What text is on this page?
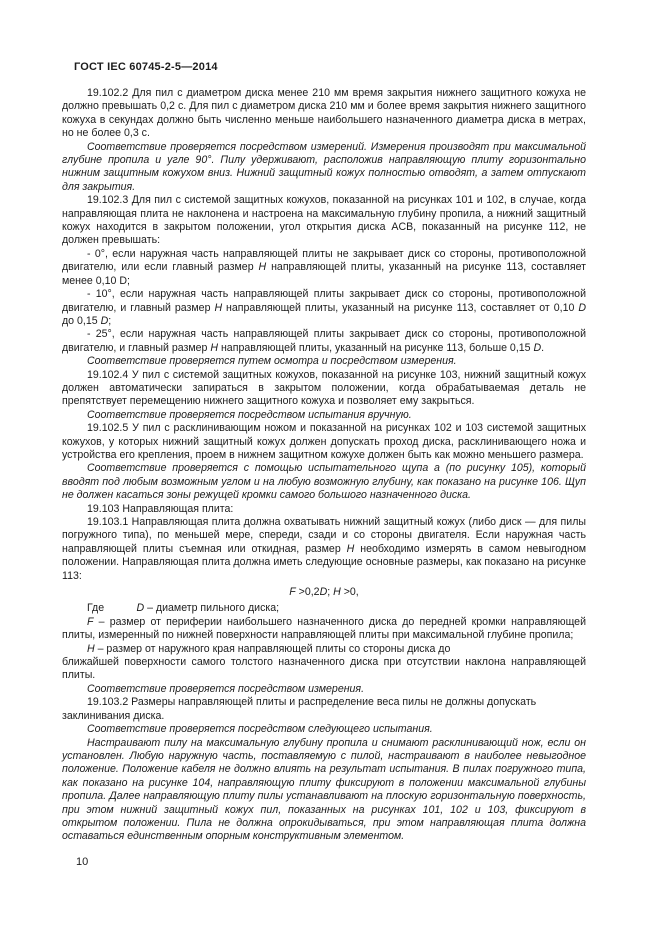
ГОСТ IEC 60745-2-5—2014

19.102.2 Для пил с диаметром диска менее 210 мм время закрытия нижнего защитного кожуха не должно превышать 0,2 с. Для пил с диаметром диска 210 мм и более время закрытия нижнего защитного кожуха в секундах должно быть численно меньше наибольшего назначенного диаметра диска в метрах, но не более 0,3 с.

Соответствие проверяется посредством измерений. Измерения производят при максимальной глубине пропила и угле 90°. Пилу удерживают, расположив направляющую плиту горизонтально нижним защитным кожухом вниз. Нижний защитный кожух полностью отводят, а затем отпускают для закрытия.

19.102.3 Для пил с системой защитных кожухов, показанной на рисунках 101 и 102, в случае, когда направляющая плита не наклонена и настроена на максимальную глубину пропила, а нижний защитный кожух находится в закрытом положении, угол открытия диска ACB, показанный на рисунке 112, не должен превышать:

- 0°, если наружная часть направляющей плиты не закрывает диск со стороны, противоположной двигателю, или если главный размер H направляющей плиты, указанный на рисунке 113, составляет менее 0,10 D;

- 10°, если наружная часть направляющей плиты закрывает диск со стороны, противоположной двигателю, и главный размер H направляющей плиты, указанный на рисунке 113, составляет от 0,10 D до 0,15 D;

- 25°, если наружная часть направляющей плиты закрывает диск со стороны, противоположной двигателю, и главный размер H направляющей плиты, указанный на рисунке 113, больше 0,15 D.

Соответствие проверяется путем осмотра и посредством измерения.

19.102.4 У пил с системой защитных кожухов, показанной на рисунке 103, нижний защитный кожух должен автоматически запираться в закрытом положении, когда обрабатываемая деталь не препятствует перемещению нижнего защитного кожуха и позволяет ему закрыться.

Соответствие проверяется посредством испытания вручную.

19.102.5 У пил с расклинивающим ножом и показанной на рисунках 102 и 103 системой защитных кожухов, у которых нижний защитный кожух должен допускать проход диска, расклинивающего ножа и устройства его крепления, проем в нижнем защитном кожухе должен быть как можно меньшего размера.

Соответствие проверяется с помощью испытательного щупа a (по рисунку 105), который вводят под любым возможным углом и на любую возможную глубину, как показано на рисунке 106. Щуп не должен касаться зоны режущей кромки самого большого назначенного диска.

19.103 Направляющая плита:

19.103.1 Направляющая плита должна охватывать нижний защитный кожух (либо диск — для пилы погружного типа), по меньшей мере, спереди, сзади и со стороны двигателя. Если наружная часть направляющей плиты съемная или откидная, размер H необходимо измерять в самом невыгодном положении. Направляющая плита должна иметь следующие основные размеры, как показано на рисунке 113:

F >0,2D; H >0,

Где           D – диаметр пильного диска;

F – размер от периферии наибольшего назначенного диска до передней кромки направляющей плиты, измеренный по нижней поверхности направляющей плиты при максимальной глубине пропила;

H – размер от наружного края направляющей плиты со стороны диска до
ближайшей поверхности самого толстого назначенного диска при отсутствии наклона направляющей плиты.

Соответствие проверяется посредством измерения.

19.103.2 Размеры направляющей плиты и распределение веса пилы не должны допускать
заклинивания диска.

Соответствие проверяется посредством следующего испытания.

Настраивают пилу на максимальную глубину пропила и снимают расклинивающий нож, если он установлен. Любую наружную часть, поставляемую с пилой, настраивают в наиболее невыгодное положение. Положение кабеля не должно влиять на результат испытания. В пилах погружного типа, как показано на рисунке 104, направляющую плиту фиксируют в положении максимальной глубины пропила. Далее направляющую плиту пилы устанавливают на плоскую горизонтальную поверхность, при этом нижний защитный кожух пил, показанных на рисунках 101, 102 и 103, фиксируют в открытом положении. Пила не должна опрокидываться, при этом направляющая плита должна оставаться единственным опорным конструктивным элементом.

10
